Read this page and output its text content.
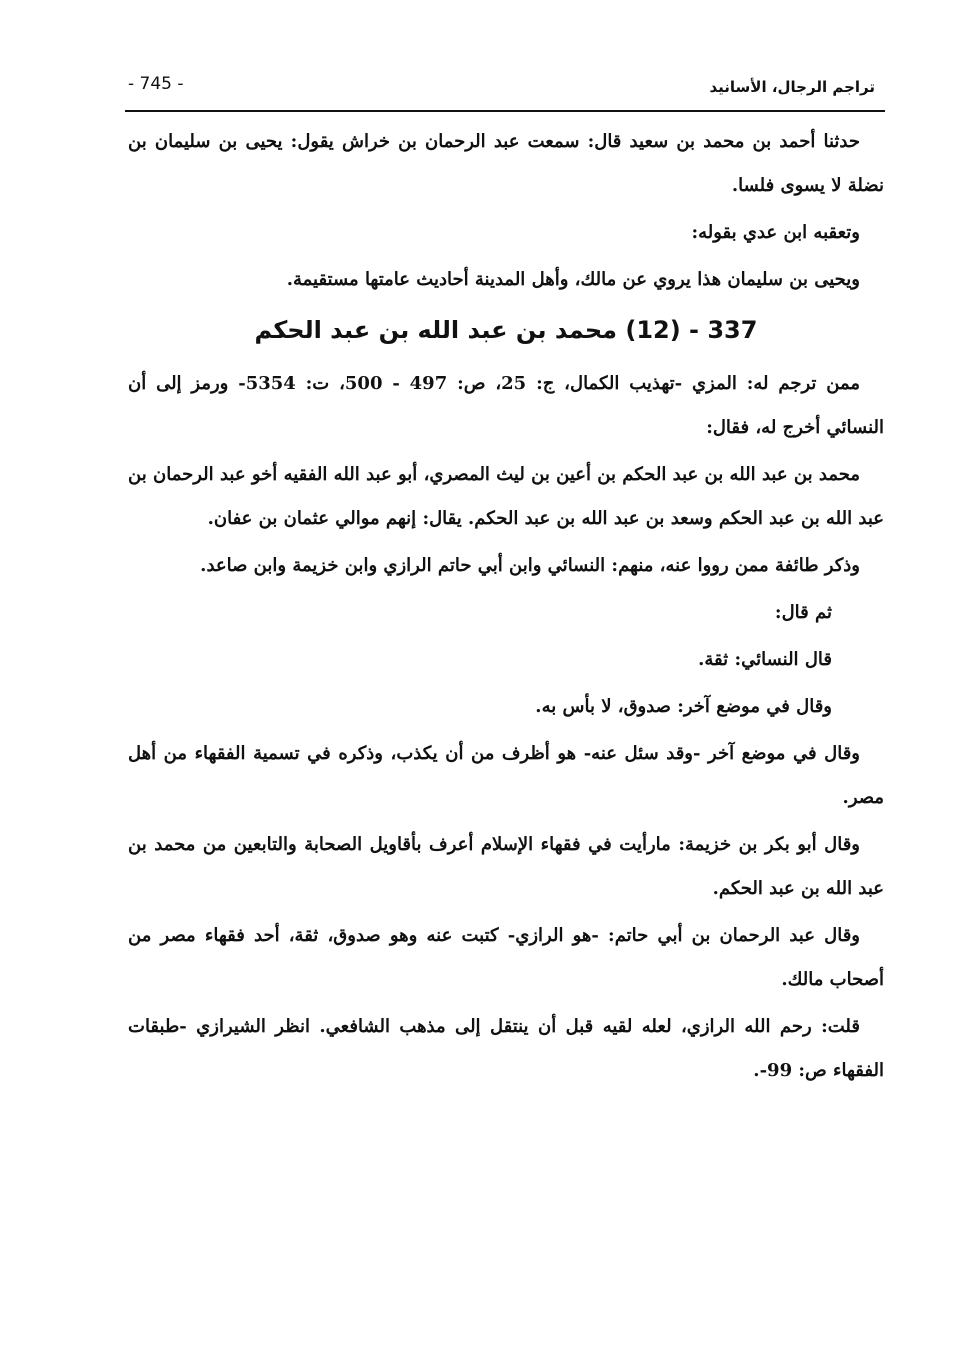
تراجم الرجال، الأسانيد
- 745 -

حدثنا أحمد بن محمد بن سعيد قال: سمعت عبد الرحمان بن خراش يقول: يحيى بن سليمان بن نضلة لا يسوى فلسا.

وتعقبه ابن عدي بقوله:

ويحيى بن سليمان هذا يروي عن مالك، وأهل المدينة أحاديث عامتها مستقيمة.

337 - (12) محمد بن عبد الله بن عبد الحكم

ممن ترجم له: المزي -تهذيب الكمال، ج: 25، ص: 497 - 500، ت: 5354- ورمز إلى أن النسائي أخرج له، فقال:

محمد بن عبد الله بن عبد الحكم بن أعين بن ليث المصري، أبو عبد الله الفقيه أخو عبد الرحمان بن عبد الله بن عبد الحكم وسعد بن عبد الله بن عبد الحكم. يقال: إنهم موالي عثمان بن عفان.

وذكر طائفة ممن رووا عنه، منهم: النسائي وابن أبي حاتم الرازي وابن خزيمة وابن صاعد.

ثم قال:

قال النسائي: ثقة.

وقال في موضع آخر: صدوق، لا بأس به.

وقال في موضع آخر -وقد سئل عنه- هو أظرف من أن يكذب، وذكره في تسمية الفقهاء من أهل مصر.

وقال أبو بكر بن خزيمة: مارأيت في فقهاء الإسلام أعرف بأقاويل الصحابة والتابعين من محمد بن عبد الله بن عبد الحكم.

وقال عبد الرحمان بن أبي حاتم: -هو الرازي- كتبت عنه وهو صدوق، ثقة، أحد فقهاء مصر من أصحاب مالك.

قلت: رحم الله الرازي، لعله لقيه قبل أن ينتقل إلى مذهب الشافعي. انظر الشيرازي -طبقات الفقهاء ص: 99-.
